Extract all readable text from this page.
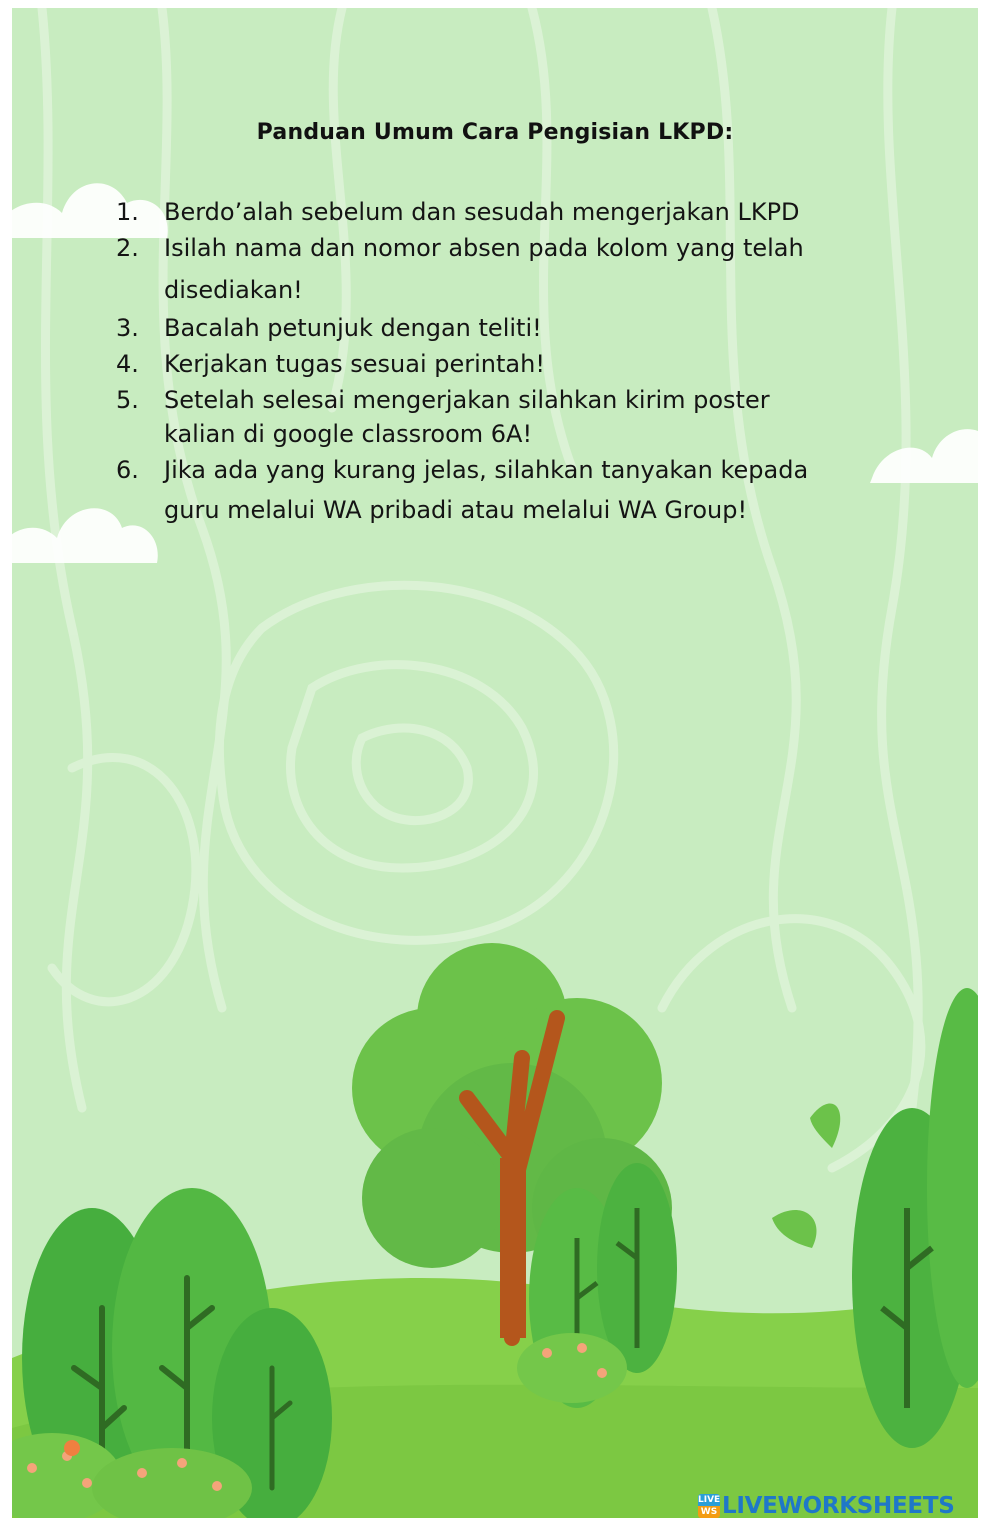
Panduan Umum Cara Pengisian LKPD:
1. Berdo’alah sebelum dan sesudah mengerjakan LKPD
2. Isilah nama dan nomor absen pada kolom yang telah
disediakan!
3. Bacalah petunjuk dengan teliti!
4. Kerjakan tugas sesuai perintah!
5. Setelah selesai mengerjakan silahkan kirim poster
kalian di google classroom 6A!
6. Jika ada yang kurang jelas, silahkan tanyakan kepada
guru melalui WA pribadi atau melalui WA Group!
LIVE
WS LIVEWORKSHEETS
